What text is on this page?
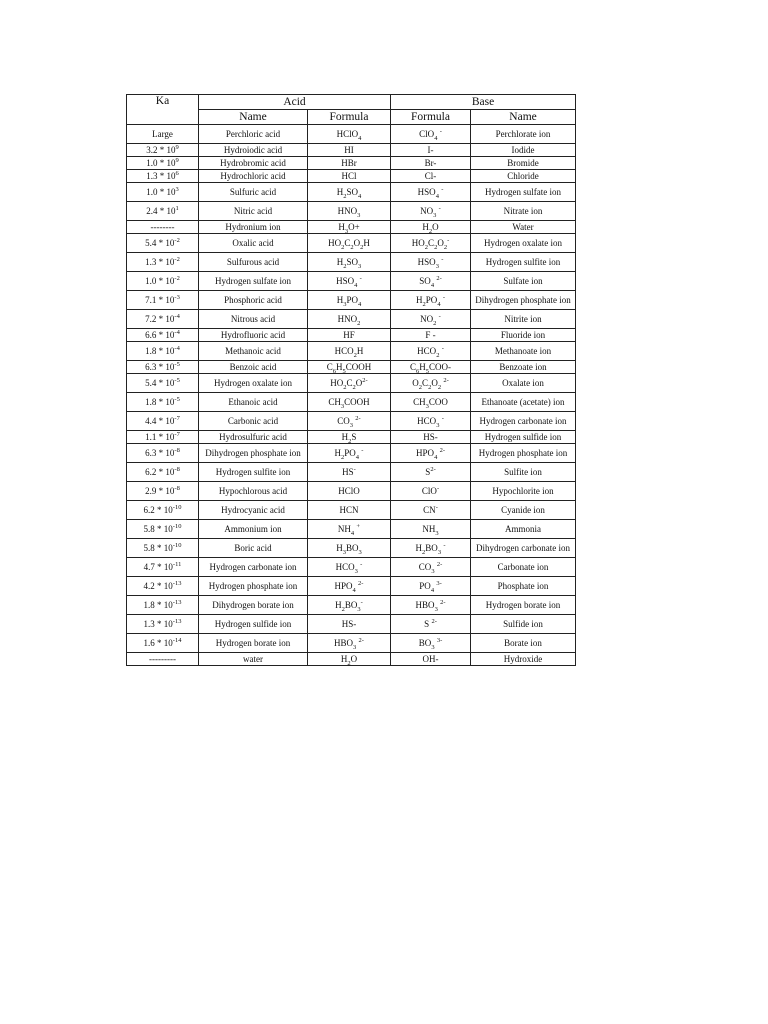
Ka	Acid		Base	
	Name	Formula	Formula	Name
Large	Perchloric acid	HClO$_4$	ClO$_4$ -	Perchlorate ion
$3.2 * 10^9$	Hydroiodic acid	HI	I-	Iodide
$1.0 * 10^9$	Hydrobromic acid	HBr	Br-	Bromide
$1.3 * 10^6$	Hydrochloric acid	HCl	Cl-	Chloride
$1.0 * 10^3$	Sulfuric acid	$H_2SO_4$	$HSO_4$ -	Hydrogen sulfate ion
$2.4 * 10^1$	Nitric acid	$HNO_3$	$NO_3$ -	Nitrate ion
--------	Hydronium ion	$H_3O+$	$H_2O$	Water
$5.4 * 10^{-2}$	Oxalic acid	$HO_2C_2O_2H$	$HO_2C_2O_2^-$	Hydrogen oxalate ion
$1.3 * 10^{-2}$	Sulfurous acid	$H_2SO_3$	$HSO_3$ -	Hydrogen sulfite ion
$1.0 * 10^{-2}$	Hydrogen sulfate ion	$HSO_4$ -	$SO_4$ $^{2-}$	Sulfate ion
$7.1 * 10^{-3}$	Phosphoric acid	$H_3PO_4$	$H_2PO_4$ -	Dihydrogen phosphate ion
$7.2 * 10^{-4}$	Nitrous acid	$HNO_2$	$NO_2$ -	Nitrite ion
$6.6 * 10^{-4}$	Hydrofluoric acid	HF	F -	Fluoride ion
$1.8 * 10^{-4}$	Methanoic acid	$HCO_2H$	$HCO_2$ -	Methanoate ion
$6.3 * 10^{-5}$	Benzoic acid	$C_6H_5COOH$	$C_6H_5COO-$	Benzoate ion
$5.4 * 10^{-5}$	Hydrogen oxalate ion	$HO_2C_2O^{2-}$	$O_2C_2O_2$ $^{2-}$	Oxalate ion
$1.8 * 10^{-5}$	Ethanoic acid	$CH_3COOH$	$CH_3COO$	Ethanoate (acetate) ion
$4.4 * 10^{-7}$	Carbonic acid	$CO_3$ $^{2-}$	$HCO_3$ -	Hydrogen carbonate ion
$1.1 * 10^{-7}$	Hydrosulfuric acid	$H_2S$	HS-	Hydrogen sulfide ion
$6.3 * 10^{-8}$	Dihydrogen phosphate ion	$H_2PO_4$ -	$HPO_4$ $^{2-}$	Hydrogen phosphate ion
$6.2 * 10^{-8}$	Hydrogen sulfite ion	HS-	$S^{2-}$	Sulfite ion
$2.9 * 10^{-8}$	Hypochlorous acid	HClO	ClO-	Hypochlorite ion
$6.2 * 10^{-10}$	Hydrocyanic acid	HCN	CN-	Cyanide ion
$5.8 * 10^{-10}$	Ammonium ion	$NH_4$ +	$NH_3$	Ammonia
$5.8 * 10^{-10}$	Boric acid	$H_3BO_3$	$H_2BO_3$ -	Dihydrogen carbonate ion
$4.7 * 10^{-11}$	Hydrogen carbonate ion	$HCO_3$ -	$CO_3$ $^{2-}$	Carbonate ion
$4.2 * 10^{-13}$	Hydrogen phosphate ion	$HPO_4$ $^{2-}$	$PO_4$ $^{3-}$	Phosphate ion
$1.8 * 10^{-13}$	Dihydrogen borate ion	$H_2BO_3^-$	$HBO_3$ $^{2-}$	Hydrogen borate ion
$1.3 * 10^{-13}$	Hydrogen sulfide ion	HS-	S $^{2-}$	Sulfide ion
$1.6 * 10^{-14}$	Hydrogen borate ion	$HBO_3$ $^{2-}$	$BO_3$ $^{3-}$	Borate ion
---------	water	$H_2O$	OH-	Hydroxide
